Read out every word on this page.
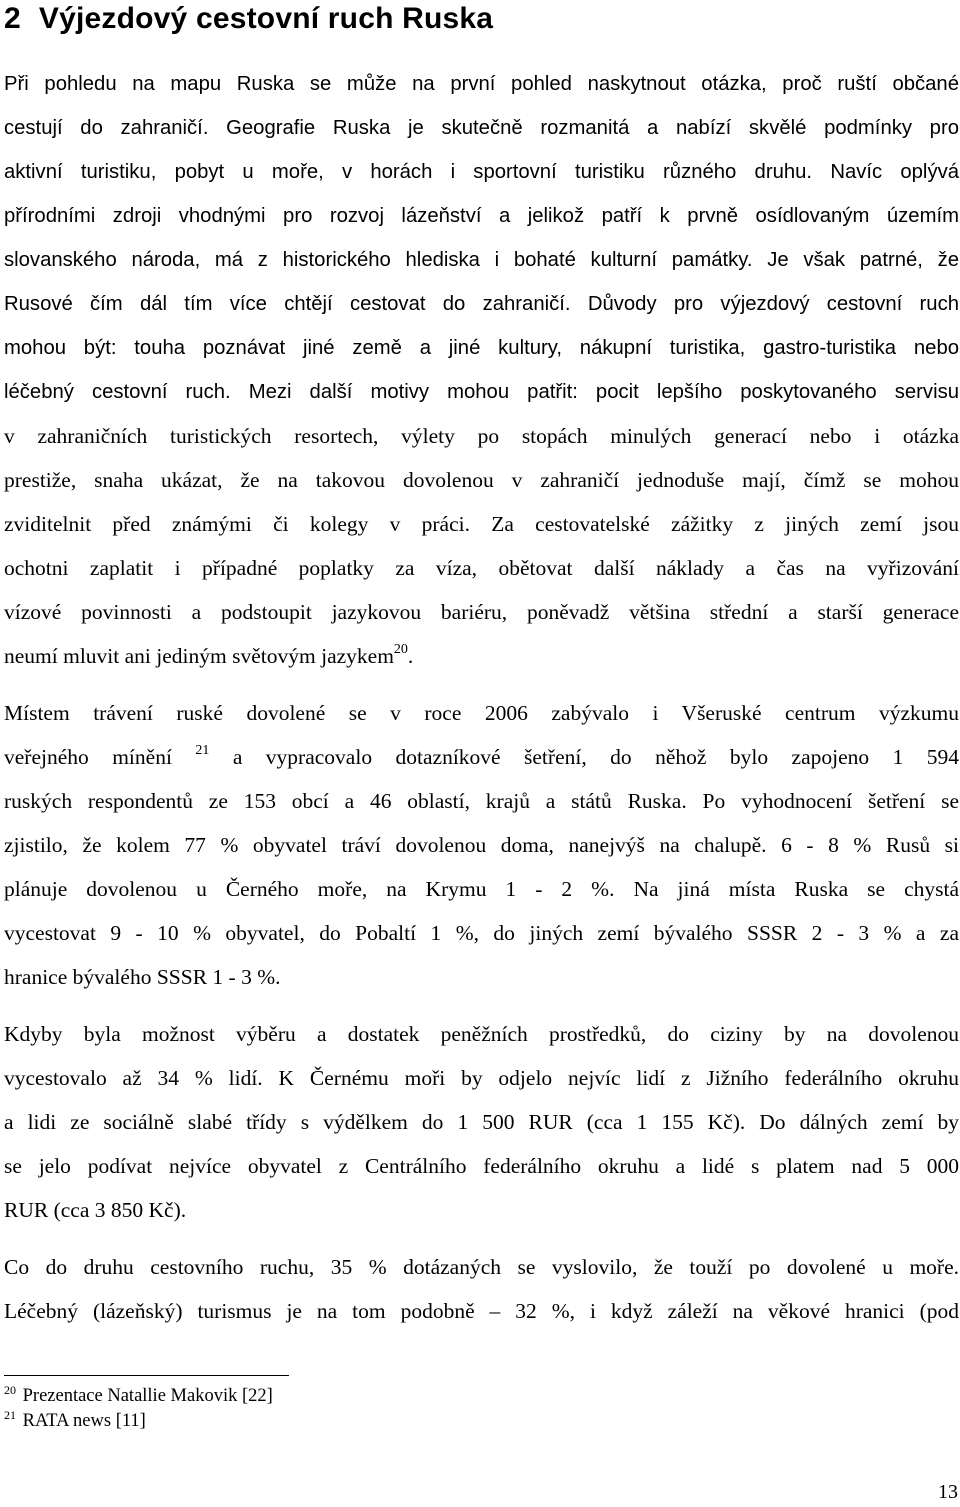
2 Výjezdový cestovní ruch Ruska
Při pohledu na mapu Ruska se může na první pohled naskytnout otázka, proč ruští občané
cestují do zahraničí. Geografie Ruska je skutečně rozmanitá a nabízí skvělé podmínky pro
aktivní turistiku, pobyt u moře, v horách i sportovní turistiku různého druhu. Navíc oplývá
přírodními zdroji vhodnými pro rozvoj lázeňství a jelikož patří k prvně osídlovaným územím
slovanského národa, má z historického hlediska i bohaté kulturní památky. Je však patrné, že
Rusové čím dál tím více chtějí cestovat do zahraničí. Důvody pro výjezdový cestovní ruch
mohou být: touha poznávat jiné země a jiné kultury, nákupní turistika, gastro-turistika nebo
léčebný cestovní ruch. Mezi další motivy mohou patřit: pocit lepšího poskytovaného servisu
v zahraničních turistických resortech, výlety po stopách minulých generací nebo i otázka
prestiže, snaha ukázat, že na takovou dovolenou v zahraničí jednoduše mají, čímž se mohou
zviditelnit před známými či kolegy v práci. Za cestovatelské zážitky z jiných zemí jsou
ochotni zaplatit i případné poplatky za víza, obětovat další náklady a čas na vyřizování
vízové povinnosti a podstoupit jazykovou bariéru, poněvadž většina střední a starší generace
neumí mluvit ani jediným světovým jazykem$^{20}$.
Místem trávení ruské dovolené se v roce 2006 zabývalo i Všeruské centrum výzkumu
veřejného mínění $^{21}$ a vypracovalo dotazníkové šetření, do něhož bylo zapojeno 1 594
ruských respondentů ze 153 obcí a 46 oblastí, krajů a států Ruska. Po vyhodnocení šetření se
zjistilo, že kolem 77 % obyvatel tráví dovolenou doma, nanejvýš na chalupě. 6 - 8 % Rusů si
plánuje dovolenou u Černého moře, na Krymu 1 - 2 %. Na jiná místa Ruska se chystá
vycestovat 9 - 10 % obyvatel, do Pobaltí 1 %, do jiných zemí bývalého SSSR 2 - 3 % a za
hranice bývalého SSSR 1 - 3 %.
Kdyby byla možnost výběru a dostatek peněžních prostředků, do ciziny by na dovolenou
vycestovalo až 34 % lidí. K Černému moři by odjelo nejvíc lidí z Jižního federálního okruhu
a lidi ze sociálně slabé třídy s výdělkem do 1 500 RUR (cca 1 155 Kč). Do dálných zemí by
se jelo podívat nejvíce obyvatel z Centrálního federálního okruhu a lidé s platem nad 5 000
RUR (cca 3 850 Kč).
Co do druhu cestovního ruchu, 35 % dotázaných se vyslovilo, že touží po dovolené u moře.
Léčebný (lázeňský) turismus je na tom podobně – 32 %, i když záleží na věkové hranici (pod
$^{20}$ Prezentace Natallie Makovik [22]
$^{21}$ RATA news [11]
13
